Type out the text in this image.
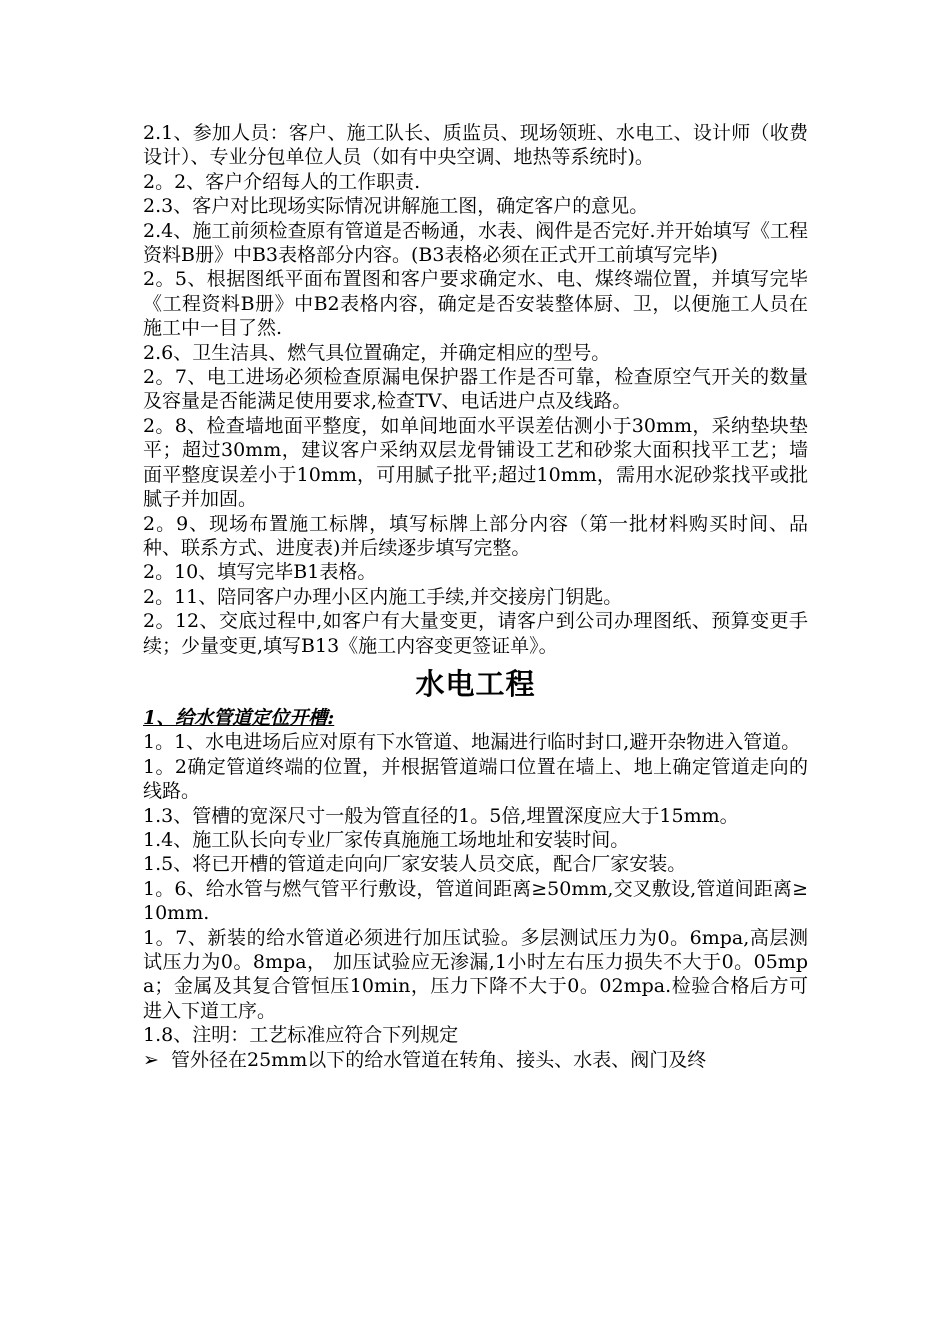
2.1、参加人员：客户、施工队长、质监员、现场领班、水电工、设计师（收费设计）、专业分包单位人员（如有中央空调、地热等系统时)。

2。2、客户介绍每人的工作职责.

2.3、客户对比现场实际情况讲解施工图，确定客户的意见。

2.4、施工前须检查原有管道是否畅通，水表、阀件是否完好.并开始填写《工程资料B册》中B3表格部分内容。(B3表格必须在正式开工前填写完毕)

2。5、根据图纸平面布置图和客户要求确定水、电、煤终端位置，并填写完毕《工程资料B册》中B2表格内容，确定是否安装整体厨、卫，以便施工人员在施工中一目了然.

2.6、卫生洁具、燃气具位置确定，并确定相应的型号。

2。7、电工进场必须检查原漏电保护器工作是否可靠，检查原空气开关的数量及容量是否能满足使用要求,检查TV、电话进户点及线路。

2。8、检查墙地面平整度，如单间地面水平误差估测小于30mm，采纳垫块垫平；超过30mm，建议客户采纳双层龙骨铺设工艺和砂浆大面积找平工艺；墙面平整度误差小于10mm，可用腻子批平;超过10mm，需用水泥砂浆找平或批腻子并加固。

2。9、现场布置施工标牌，填写标牌上部分内容（第一批材料购买时间、品种、联系方式、进度表)并后续逐步填写完整。

2。10、填写完毕B1表格。

2。11、陪同客户办理小区内施工手续,并交接房门钥匙。

2。12、交底过程中,如客户有大量变更，请客户到公司办理图纸、预算变更手续；少量变更,填写B13《施工内容变更签证单》。

水电工程
1、给水管道定位开槽:

1。1、水电进场后应对原有下水管道、地漏进行临时封口,避开杂物进入管道。

1。2确定管道终端的位置，并根据管道端口位置在墙上、地上确定管道走向的线路。

1.3、管槽的宽深尺寸一般为管直径的1。5倍,埋置深度应大于15mm。

1.4、施工队长向专业厂家传真施施工场地址和安装时间。

1.5、将已开槽的管道走向向厂家安装人员交底，配合厂家安装。

1。6、给水管与燃气管平行敷设，管道间距离≥50mm,交叉敷设,管道间距离≥10mm.

1。7、新装的给水管道必须进行加压试验。多层测试压力为0。6mpa,高层测试压力为0。8mpa， 加压试验应无渗漏,1小时左右压力损失不大于0。05mpa；金属及其复合管恒压10min，压力下降不大于0。02mpa.检验合格后方可进入下道工序。

1.8、注明：工艺标准应符合下列规定

➢ 管外径在25mm以下的给水管道在转角、接头、水表、阀门及终
